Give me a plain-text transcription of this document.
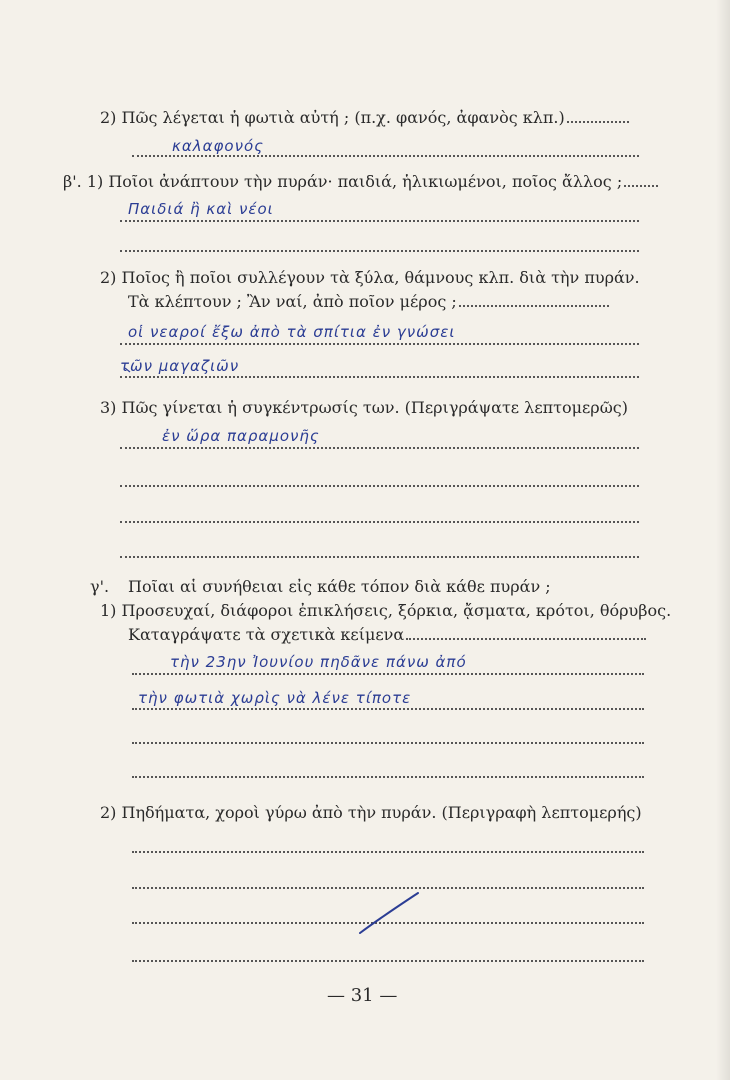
2) Πῶς λέγεται ἡ φωτιὰ αὐτή ; (π.χ. φανός, ἀφανὸς κλπ.)
καλαφονός
β'. 1) Ποῖοι ἀνάπτουν τὴν πυράν· παιδιά, ἡλικιωμένοι, ποῖος ἄλλος ;
Παιδιά ἢ καὶ νέοι
2) Ποῖος ἢ ποῖοι συλλέγουν τὰ ξύλα, θάμνους κλπ. διὰ τὴν πυράν.
Τὰ κλέπτουν ; Ἂν ναί, ἀπὸ ποῖον μέρος ;
οἱ νεαροί ἔξω ἀπὸ τὰ σπίτια ἐν γνώσει
τῶν μαγαζιῶν
3) Πῶς γίνεται ἡ συγκέντρωσίς των. (Περιγράψατε λεπτομερῶς)
ἐν ὥρα παραμονῆς
γ'. Ποῖαι αἱ συνήθειαι εἰς κάθε τόπον διὰ κάθε πυράν ;
1) Προσευχαί, διάφοροι ἐπικλήσεις, ξόρκια, ᾄσματα, κρότοι, θόρυβος.
Καταγράψατε τὰ σχετικὰ κείμενα
τὴν 23ην Ἰουνίου πηδᾶνε πάνω ἀπό
τὴν φωτιὰ χωρὶς νὰ λένε τίποτε
2) Πηδήματα, χοροὶ γύρω ἀπὸ τὴν πυράν. (Περιγραφὴ λεπτομερής)
— 31 —
